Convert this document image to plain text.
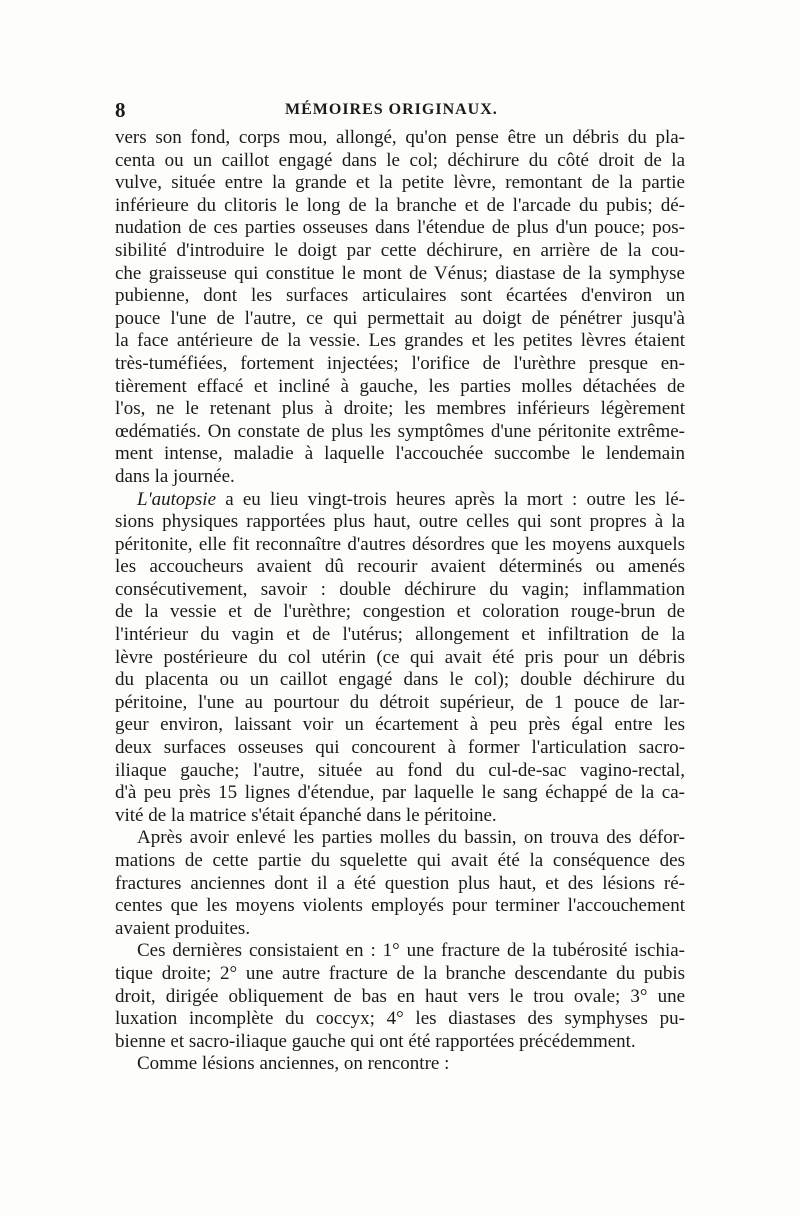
8	MÉMOIRES ORIGINAUX.
vers son fond, corps mou, allongé, qu'on pense être un débris du pla-
centa ou un caillot engagé dans le col; déchirure du côté droit de la
vulve, située entre la grande et la petite lèvre, remontant de la partie
inférieure du clitoris le long de la branche et de l'arcade du pubis; dé-
nudation de ces parties osseuses dans l'étendue de plus d'un pouce; pos-
sibilité d'introduire le doigt par cette déchirure, en arrière de la cou-
che graisseuse qui constitue le mont de Vénus; diastase de la symphyse
pubienne, dont les surfaces articulaires sont écartées d'environ un
pouce l'une de l'autre, ce qui permettait au doigt de pénétrer jusqu'à
la face antérieure de la vessie. Les grandes et les petites lèvres étaient
très-tuméfiées, fortement injectées; l'orifice de l'urèthre presque en-
tièrement effacé et incliné à gauche, les parties molles détachées de
l'os, ne le retenant plus à droite; les membres inférieurs légèrement
œdématiés. On constate de plus les symptômes d'une péritonite extrême-
ment intense, maladie à laquelle l'accouchée succombe le lendemain
dans la journée.
L'autopsie a eu lieu vingt-trois heures après la mort : outre les lé-
sions physiques rapportées plus haut, outre celles qui sont propres à la
péritonite, elle fit reconnaître d'autres désordres que les moyens auxquels
les accoucheurs avaient dû recourir avaient déterminés ou amenés
consécutivement, savoir : double déchirure du vagin; inflammation
de la vessie et de l'urèthre; congestion et coloration rouge-brun de
l'intérieur du vagin et de l'utérus; allongement et infiltration de la
lèvre postérieure du col utérin (ce qui avait été pris pour un débris
du placenta ou un caillot engagé dans le col); double déchirure du
péritoine, l'une au pourtour du détroit supérieur, de 1 pouce de lar-
geur environ, laissant voir un écartement à peu près égal entre les
deux surfaces osseuses qui concourent à former l'articulation sacro-
iliaque gauche; l'autre, située au fond du cul-de-sac vagino-rectal,
d'à peu près 15 lignes d'étendue, par laquelle le sang échappé de la ca-
vité de la matrice s'était épanché dans le péritoine.
Après avoir enlevé les parties molles du bassin, on trouva des défor-
mations de cette partie du squelette qui avait été la conséquence des
fractures anciennes dont il a été question plus haut, et des lésions ré-
centes que les moyens violents employés pour terminer l'accouchement
avaient produites.
Ces dernières consistaient en : 1° une fracture de la tubérosité ischia-
tique droite; 2° une autre fracture de la branche descendante du pubis
droit, dirigée obliquement de bas en haut vers le trou ovale; 3° une
luxation incomplète du coccyx; 4° les diastases des symphyses pu-
bienne et sacro-iliaque gauche qui ont été rapportées précédemment.
Comme lésions anciennes, on rencontre :
